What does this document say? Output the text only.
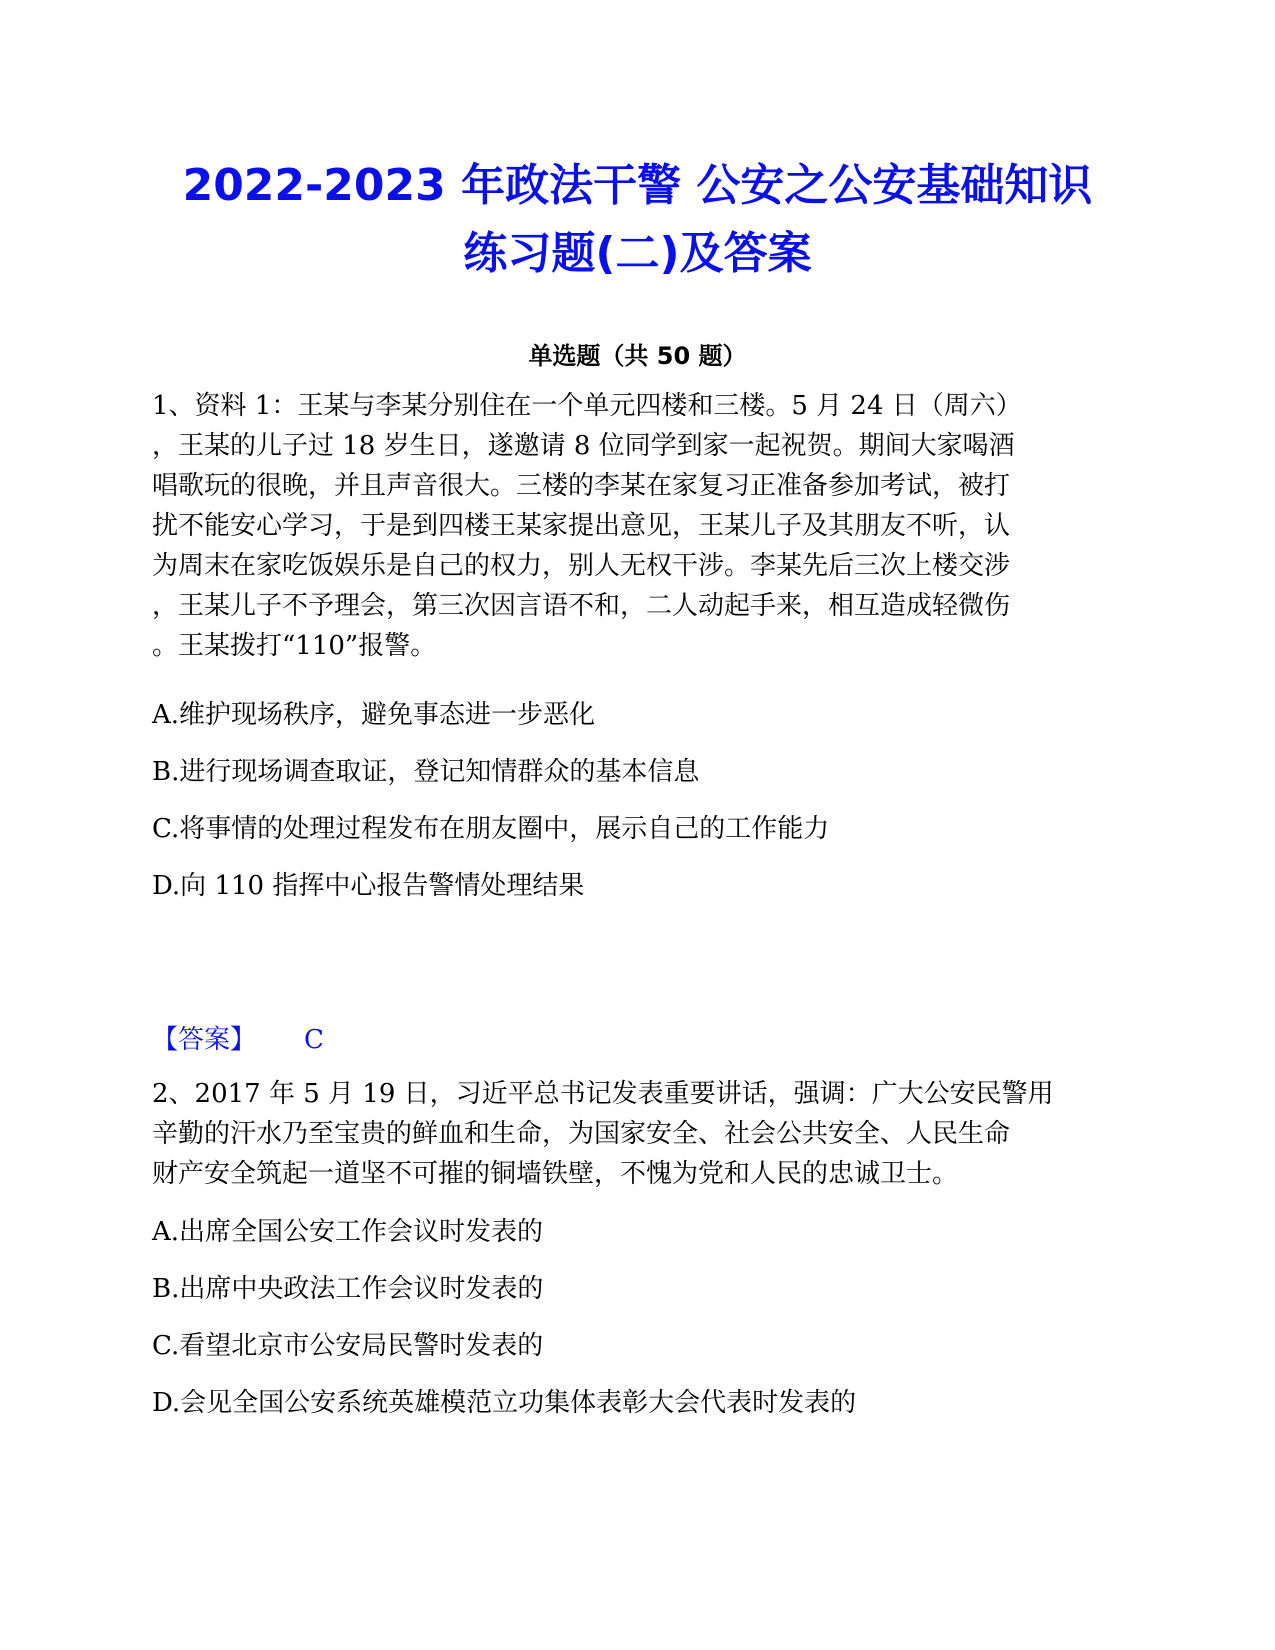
2022-2023 年政法干警 公安之公安基础知识
练习题(二)及答案
单选题（共 50 题）
1、资料 1：王某与李某分别住在一个单元四楼和三楼。5 月 24 日（周六）
，王某的儿子过 18 岁生日，遂邀请 8 位同学到家一起祝贺。期间大家喝酒
唱歌玩的很晚，并且声音很大。三楼的李某在家复习正准备参加考试，被打
扰不能安心学习，于是到四楼王某家提出意见，王某儿子及其朋友不听，认
为周末在家吃饭娱乐是自己的权力，别人无权干涉。李某先后三次上楼交涉
，王某儿子不予理会，第三次因言语不和，二人动起手来，相互造成轻微伤
。王某拨打“110”报警。
A.维护现场秩序，避免事态进一步恶化
B.进行现场调查取证，登记知情群众的基本信息
C.将事情的处理过程发布在朋友圈中，展示自己的工作能力
D.向 110 指挥中心报告警情处理结果
【答案】 C
2、2017 年 5 月 19 日，习近平总书记发表重要讲话，强调：广大公安民警用
辛勤的汗水乃至宝贵的鲜血和生命，为国家安全、社会公共安全、人民生命
财产安全筑起一道坚不可摧的铜墙铁壁，不愧为党和人民的忠诚卫士。
A.出席全国公安工作会议时发表的
B.出席中央政法工作会议时发表的
C.看望北京市公安局民警时发表的
D.会见全国公安系统英雄模范立功集体表彰大会代表时发表的
